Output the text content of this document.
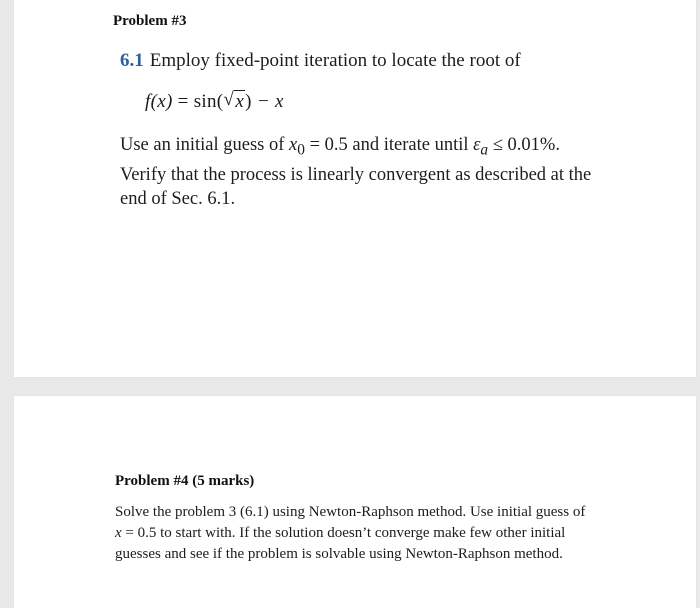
Problem #3
6.1 Employ fixed-point iteration to locate the root of
f(x) = sin( √ x) − x
Use an initial guess of $x_0 = 0.5$ and iterate until $\varepsilon_a \le 0.01\%$. Verify that the process is linearly convergent as described at the end of Sec. 6.1.
Problem #4 (5 marks)
Solve the problem 3 (6.1) using Newton-Raphson method. Use initial guess of x = 0.5 to start with. If the solution doesn’t converge make few other initial guesses and see if the problem is solvable using Newton-Raphson method.
